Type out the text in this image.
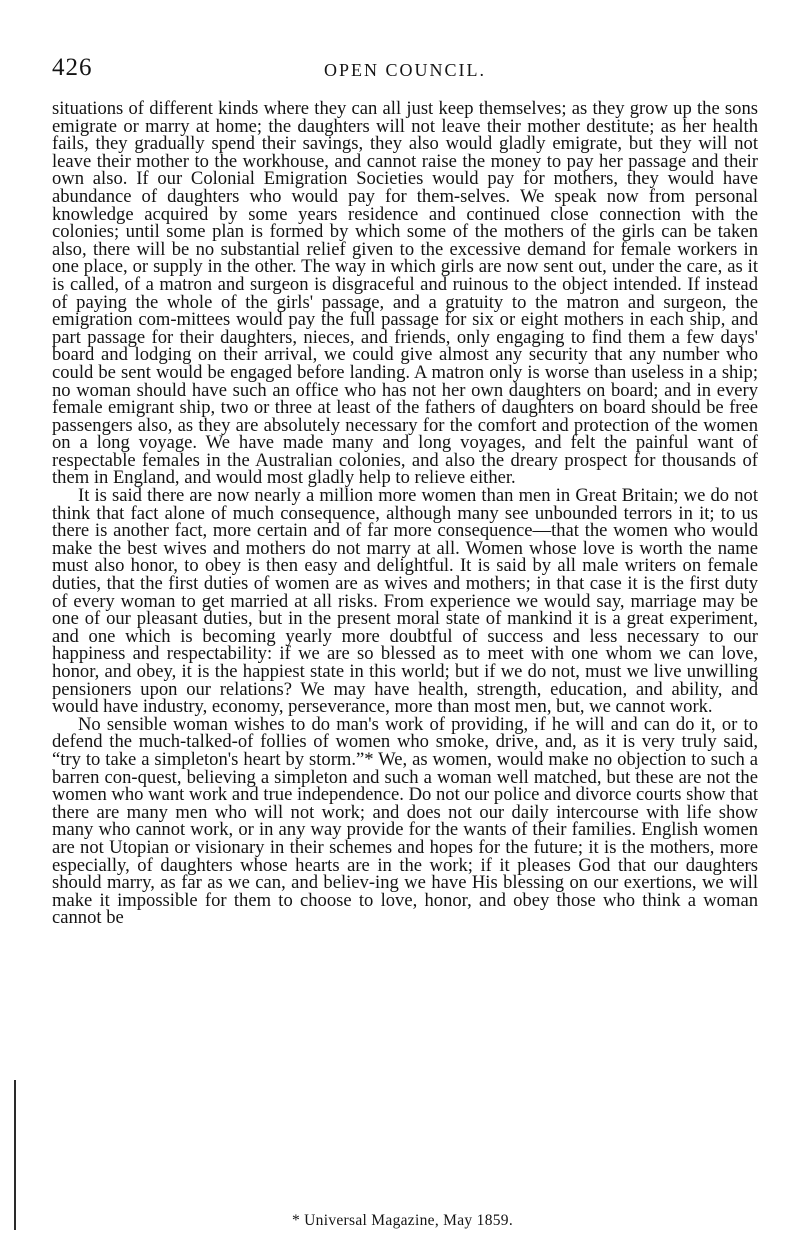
426	OPEN COUNCIL.

situations of different kinds where they can all just keep themselves; as they grow up the sons emigrate or marry at home; the daughters will not leave their mother destitute; as her health fails, they gradually spend their savings, they also would gladly emigrate, but they will not leave their mother to the workhouse, and cannot raise the money to pay her passage and their own also. If our Colonial Emigration Societies would pay for mothers, they would have abundance of daughters who would pay for them-selves. We speak now from personal knowledge acquired by some years residence and continued close connection with the colonies; until some plan is formed by which some of the mothers of the girls can be taken also, there will be no substantial relief given to the excessive demand for female workers in one place, or supply in the other. The way in which girls are now sent out, under the care, as it is called, of a matron and surgeon is disgraceful and ruinous to the object intended. If instead of paying the whole of the girls' passage, and a gratuity to the matron and surgeon, the emigration com-mittees would pay the full passage for six or eight mothers in each ship, and part passage for their daughters, nieces, and friends, only engaging to find them a few days' board and lodging on their arrival, we could give almost any security that any number who could be sent would be engaged before landing. A matron only is worse than useless in a ship; no woman should have such an office who has not her own daughters on board; and in every female emigrant ship, two or three at least of the fathers of daughters on board should be free passengers also, as they are absolutely necessary for the comfort and protection of the women on a long voyage. We have made many and long voyages, and felt the painful want of respectable females in the Australian colonies, and also the dreary prospect for thousands of them in England, and would most gladly help to relieve either.

It is said there are now nearly a million more women than men in Great Britain; we do not think that fact alone of much consequence, although many see unbounded terrors in it; to us there is another fact, more certain and of far more consequence—that the women who would make the best wives and mothers do not marry at all. Women whose love is worth the name must also honor, to obey is then easy and delightful. It is said by all male writers on female duties, that the first duties of women are as wives and mothers; in that case it is the first duty of every woman to get married at all risks. From experience we would say, marriage may be one of our pleasant duties, but in the present moral state of mankind it is a great experiment, and one which is becoming yearly more doubtful of success and less necessary to our happiness and respectability: if we are so blessed as to meet with one whom we can love, honor, and obey, it is the happiest state in this world; but if we do not, must we live unwilling pensioners upon our relations? We may have health, strength, education, and ability, and would have industry, economy, perseverance, more than most men, but, we cannot work.

No sensible woman wishes to do man's work of providing, if he will and can do it, or to defend the much-talked-of follies of women who smoke, drive, and, as it is very truly said, “try to take a simpleton's heart by storm.”* We, as women, would make no objection to such a barren con-quest, believing a simpleton and such a woman well matched, but these are not the women who want work and true independence. Do not our police and divorce courts show that there are many men who will not work; and does not our daily intercourse with life show many who cannot work, or in any way provide for the wants of their families. English women are not Utopian or visionary in their schemes and hopes for the future; it is the mothers, more especially, of daughters whose hearts are in the work; if it pleases God that our daughters should marry, as far as we can, and believ-ing we have His blessing on our exertions, we will make it impossible for them to choose to love, honor, and obey those who think a woman cannot be

* Universal Magazine, May 1859.
